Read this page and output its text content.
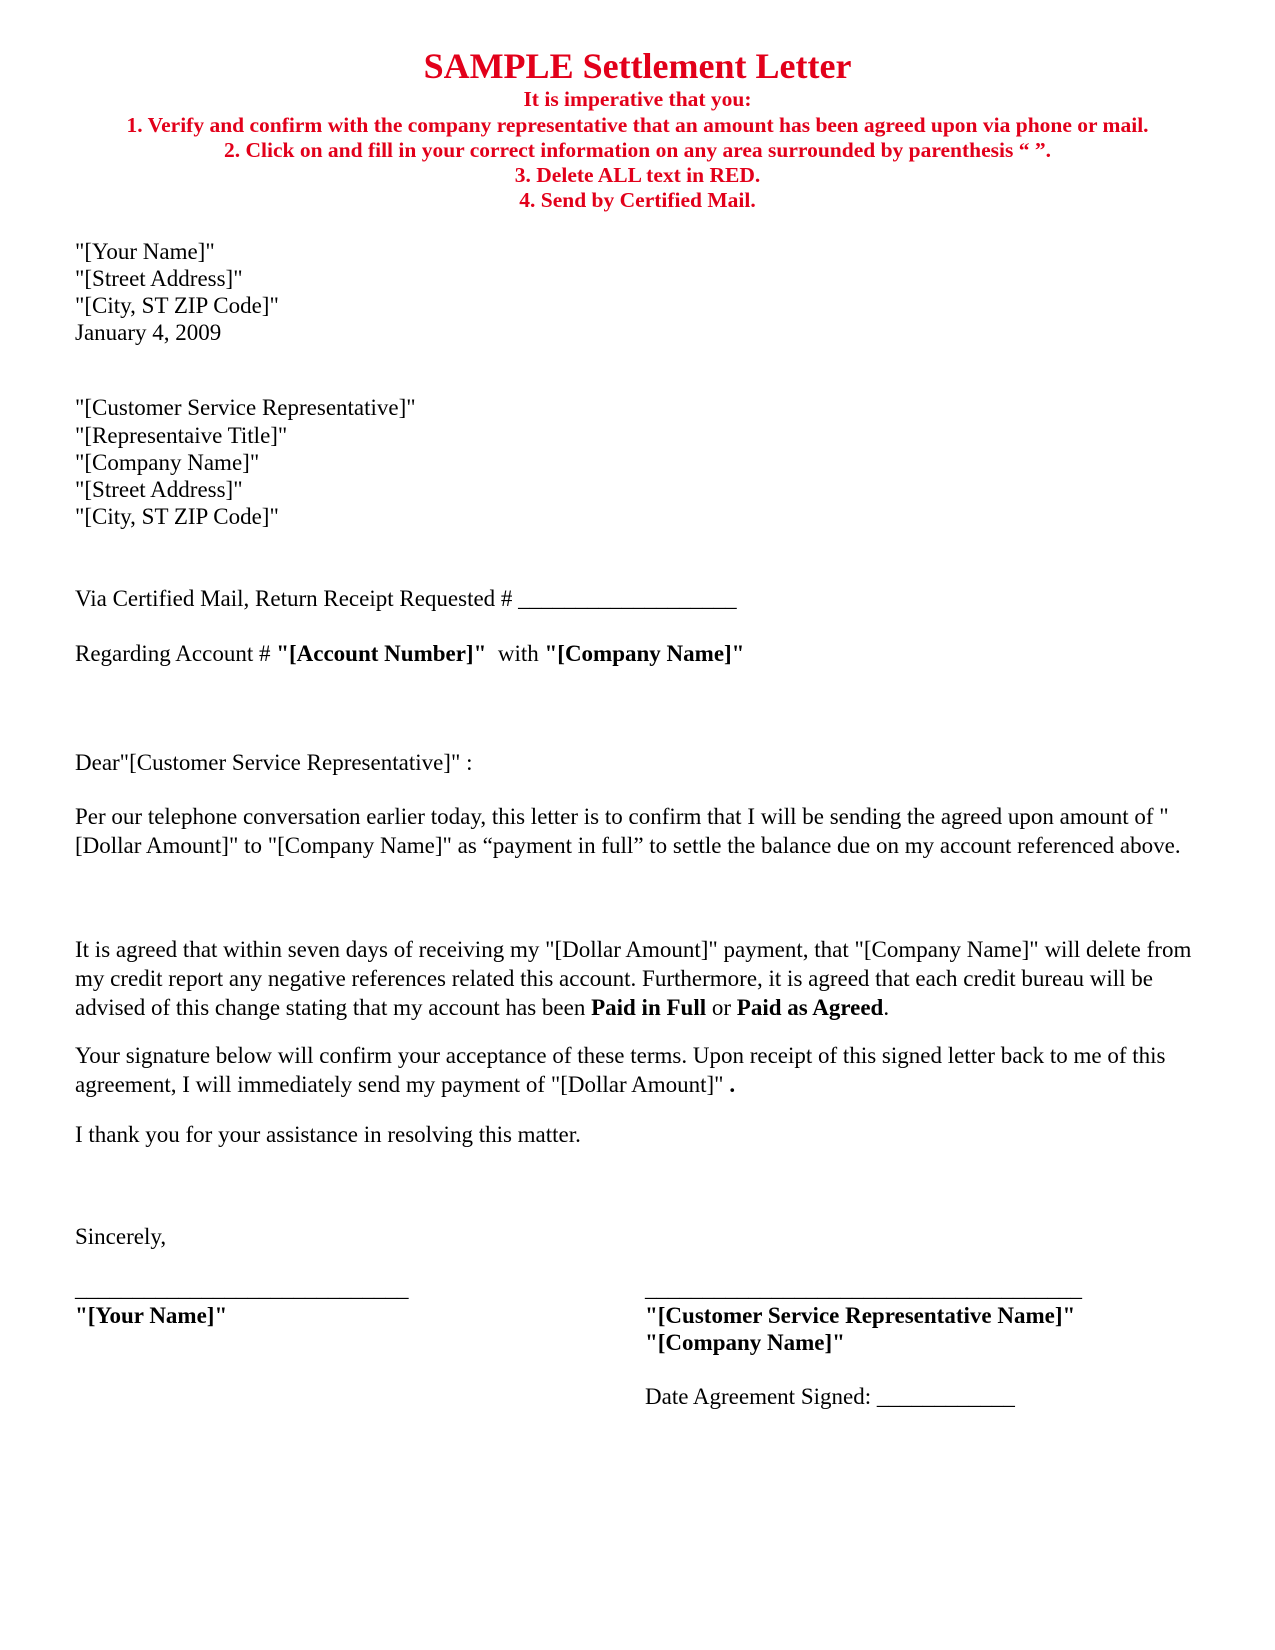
SAMPLE Settlement Letter
It is imperative that you:
1. Verify and confirm with the company representative that an amount has been agreed upon via phone or mail.
2. Click on and fill in your correct information on any area surrounded by parenthesis “ ”.
3. Delete ALL text in RED.
4. Send by Certified Mail.
"[Your Name]"
"[Street Address]"
"[City, ST ZIP Code]"
January 4, 2009
"[Customer Service Representative]"
"[Representaive Title]"
"[Company Name]"
"[Street Address]"
"[City, ST ZIP Code]"
Via Certified Mail, Return Receipt Requested # ___________________
Regarding Account # "[Account Number]"  with "[Company Name]"
Dear"[Customer Service Representative]" :
Per our telephone conversation earlier today, this letter is to confirm that I will be sending the agreed upon amount of "[Dollar Amount]" to "[Company Name]" as “payment in full” to settle the balance due on my account referenced above.
It is agreed that within seven days of receiving my "[Dollar Amount]" payment, that "[Company Name]" will delete from my credit report any negative references related this account. Furthermore, it is agreed that each credit bureau will be advised of this change stating that my account has been Paid in Full or Paid as Agreed.
Your signature below will confirm your acceptance of these terms. Upon receipt of this signed letter back to me of this agreement, I will immediately send my payment of "[Dollar Amount]" .
I thank you for your assistance in resolving this matter.
Sincerely,
_____________________________
"[Your Name]"
______________________________________
"[Customer Service Representative Name]"
"[Company Name]"
Date Agreement Signed: ____________
